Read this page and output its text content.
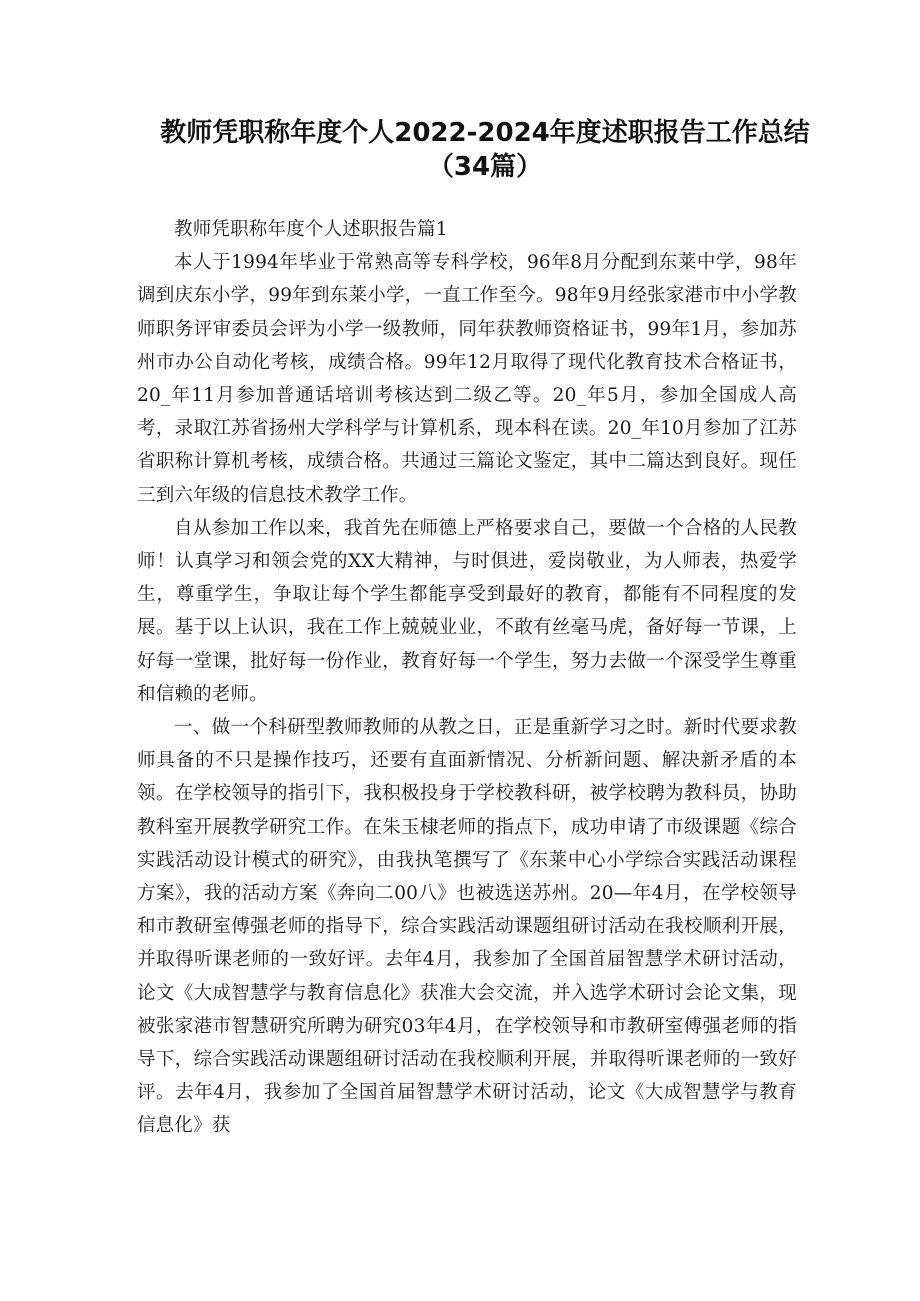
教师凭职称年度个人2022-2024年度述职报告工作总结
（34篇）

教师凭职称年度个人述职报告篇1

本人于1994年毕业于常熟高等专科学校，96年8月分配到东莱中学，98年调到庆东小学，99年到东莱小学，一直工作至今。98年9月经张家港市中小学教师职务评审委员会评为小学一级教师，同年获教师资格证书，99年1月，参加苏州市办公自动化考核，成绩合格。99年12月取得了现代化教育技术合格证书，20_年11月参加普通话培训考核达到二级乙等。20_年5月，参加全国成人高考，录取江苏省扬州大学科学与计算机系，现本科在读。20_年10月参加了江苏省职称计算机考核，成绩合格。共通过三篇论文鉴定，其中二篇达到良好。现任三到六年级的信息技术教学工作。

自从参加工作以来，我首先在师德上严格要求自己，要做一个合格的人民教师！认真学习和领会党的XX大精神，与时俱进，爱岗敬业，为人师表，热爱学生，尊重学生，争取让每个学生都能享受到最好的教育，都能有不同程度的发展。基于以上认识，我在工作上兢兢业业，不敢有丝毫马虎，备好每一节课，上好每一堂课，批好每一份作业，教育好每一个学生，努力去做一个深受学生尊重和信赖的老师。

一、做一个科研型教师教师的从教之日，正是重新学习之时。新时代要求教师具备的不只是操作技巧，还要有直面新情况、分析新问题、解决新矛盾的本领。在学校领导的指引下，我积极投身于学校教科研，被学校聘为教科员，协助教科室开展教学研究工作。在朱玉棣老师的指点下，成功申请了市级课题《综合实践活动设计模式的研究》，由我执笔撰写了《东莱中心小学综合实践活动课程方案》，我的活动方案《奔向二00八》也被选送苏州。20—年4月，在学校领导和市教研室傅强老师的指导下，综合实践活动课题组研讨活动在我校顺利开展，并取得听课老师的一致好评。去年4月，我参加了全国首届智慧学术研讨活动，论文《大成智慧学与教育信息化》获准大会交流，并入选学术研讨会论文集，现被张家港市智慧研究所聘为研究03年4月，在学校领导和市教研室傅强老师的指导下，综合实践活动课题组研讨活动在我校顺利开展，并取得听课老师的一致好评。去年4月，我参加了全国首届智慧学术研讨活动，论文《大成智慧学与教育信息化》获
